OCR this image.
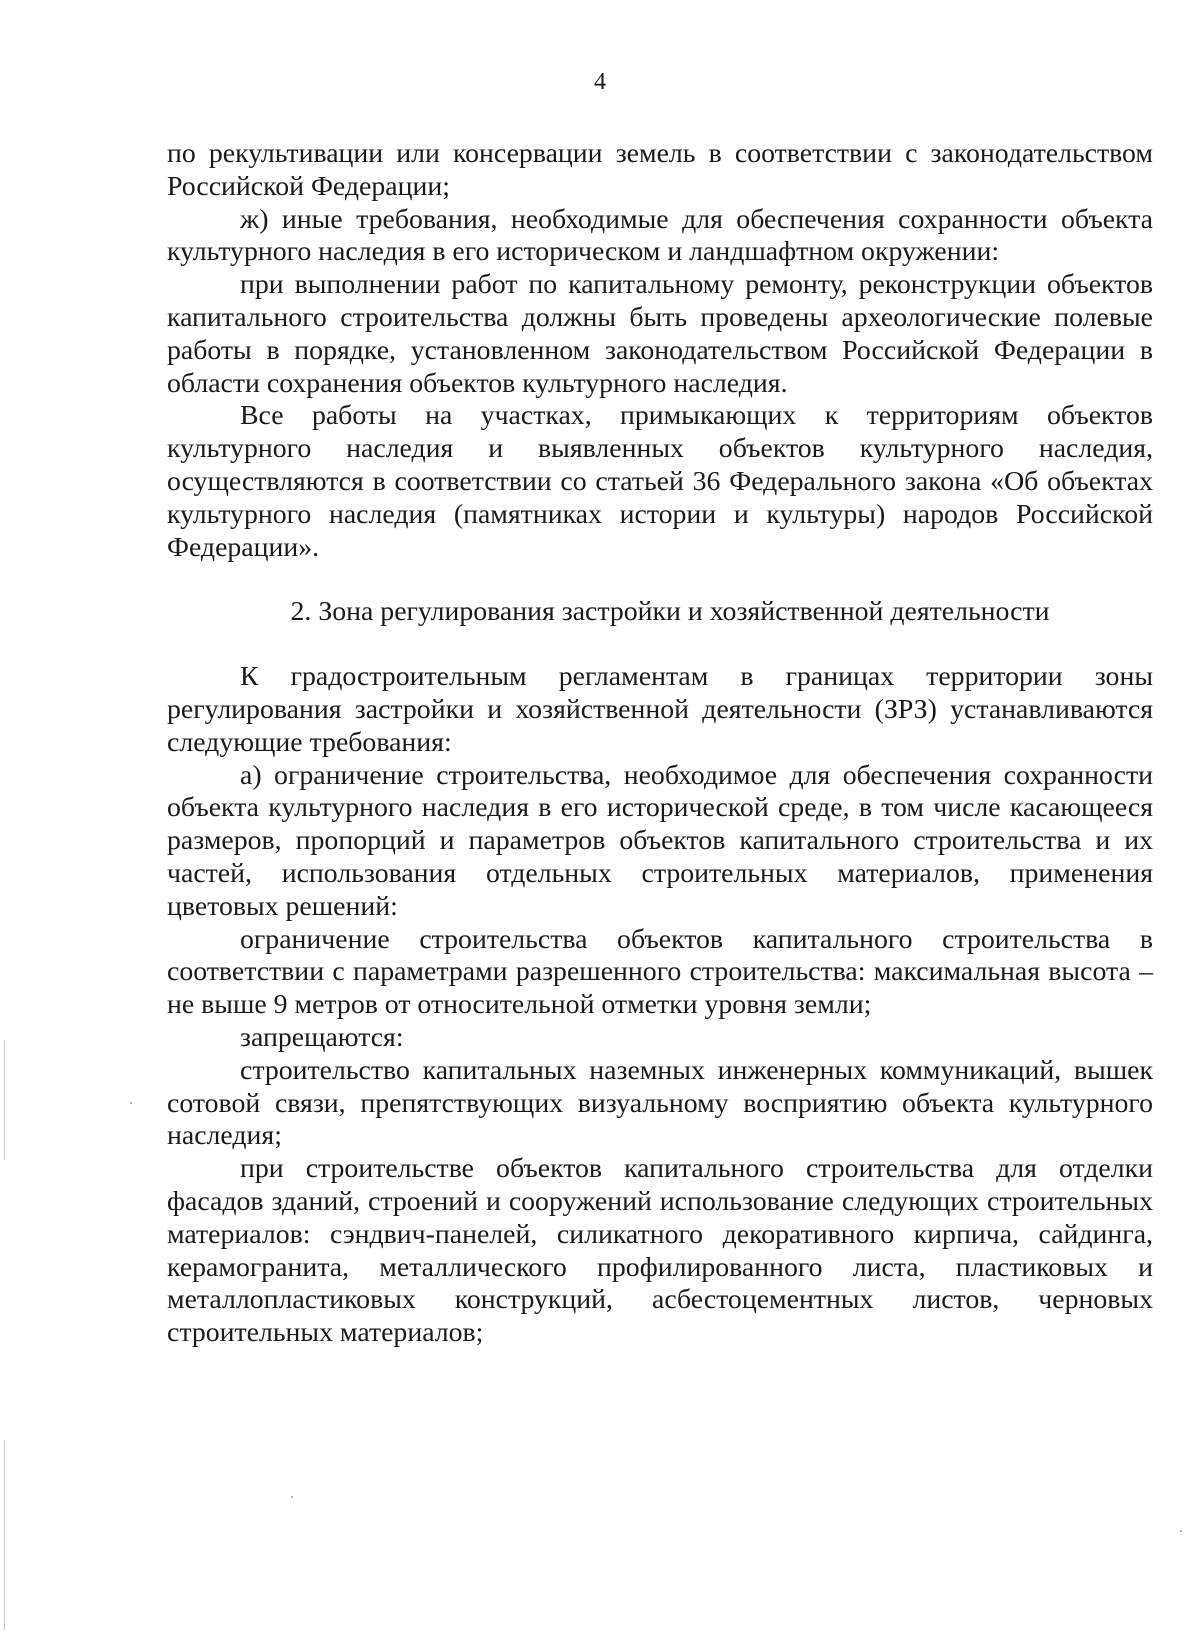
4

по рекультивации или консервации земель в соответствии с законодательством Российской Федерации;

ж) иные требования, необходимые для обеспечения сохранности объекта культурного наследия в его историческом и ландшафтном окружении:

при выполнении работ по капитальному ремонту, реконструкции объектов капитального строительства должны быть проведены археологические полевые работы в порядке, установленном законодательством Российской Федерации в области сохранения объектов культурного наследия.

Все работы на участках, примыкающих к территориям объектов культурного наследия и выявленных объектов культурного наследия, осуществляются в соответствии со статьей 36 Федерального закона «Об объектах культурного наследия (памятниках истории и культуры) народов Российской Федерации».

2. Зона регулирования застройки и хозяйственной деятельности

К градостроительным регламентам в границах территории зоны регулирования застройки и хозяйственной деятельности (ЗРЗ) устанавливаются следующие требования:

а) ограничение строительства, необходимое для обеспечения сохранности объекта культурного наследия в его исторической среде, в том числе касающееся размеров, пропорций и параметров объектов капитального строительства и их частей, использования отдельных строительных материалов, применения цветовых решений:

ограничение строительства объектов капитального строительства в соответствии с параметрами разрешенного строительства: максимальная высота – не выше 9 метров от относительной отметки уровня земли;

запрещаются:

строительство капитальных наземных инженерных коммуникаций, вышек сотовой связи, препятствующих визуальному восприятию объекта культурного наследия;

при строительстве объектов капитального строительства для отделки фасадов зданий, строений и сооружений использование следующих строительных материалов: сэндвич-панелей, силикатного декоративного кирпича, сайдинга, керамогранита, металлического профилированного листа, пластиковых и металлопластиковых конструкций, асбестоцементных листов, черновых строительных материалов;
